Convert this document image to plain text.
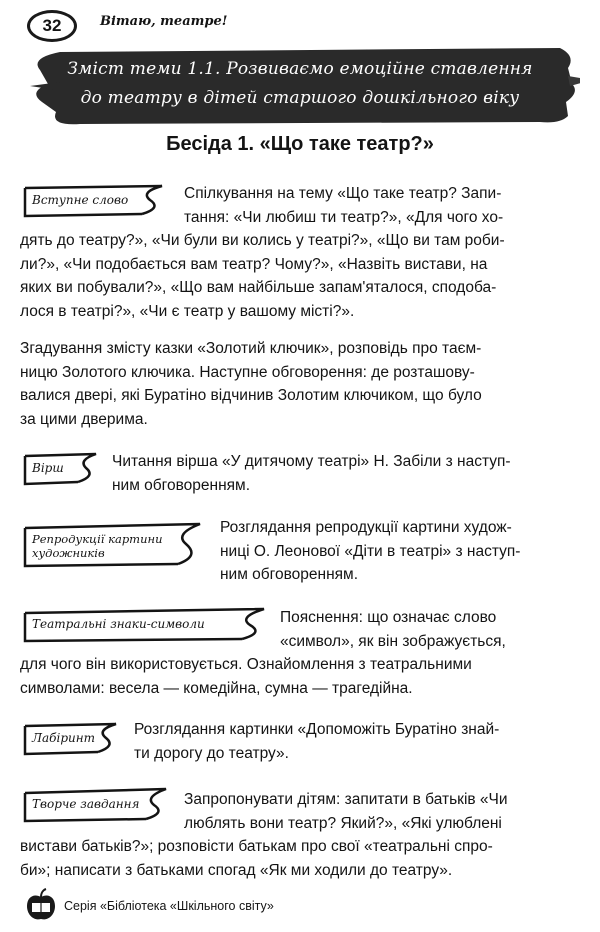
32	Вітаю, театре!
Зміст теми 1.1. Розвиваємо емоційне ставлення
до театру в дітей старшого дошкільного віку
Бесіда 1. «Що таке театр?»
Вступне слово	Спілкування на тему «Що таке театр? Запи-
тання: «Чи любиш ти театр?», «Для чого хо-

дять до театру?», «Чи були ви колись у театрі?», «Що ви там роби-
ли?», «Чи подобається вам театр? Чому?», «Назвіть вистави, на
яких ви побували?», «Що вам найбільше запам'яталося, сподоба-
лося в театрі?», «Чи є театр у вашому місті?».

Згадування змісту казки «Золотий ключик», розповідь про таєм-
ницю Золотого ключика. Наступне обговорення: де розташову-
валися двері, які Буратіно відчинив Золотим ключиком, що було
за цими дверима.

Вірш	Читання вірша «У дитячому театрі» Н. Забіли з наступ-
ним обговоренням.

Репродукції картини
художників

Розглядання репродукції картини худож-
ниці О. Леонової «Діти в театрі» з наступ-
ним обговоренням.

Театральні знаки-символи	Пояснення: що означає слово
«символ», як він зображується,

для чого він використовується. Ознайомлення з театральними
символами: весела — комедійна, сумна — трагедійна.

Лабіринт	Розглядання картинки «Допоможіть Буратіно знай-
ти дорогу до театру».

Творче завдання	Запропонувати дітям: запитати в батьків «Чи
люблять вони театр? Який?», «Які улюблені

вистави батьків?»; розповісти батькам про свої «театральні спро-
би»; написати з батьками спогад «Як ми ходили до театру».

Серія «Бібліотека «Шкільного світу»
